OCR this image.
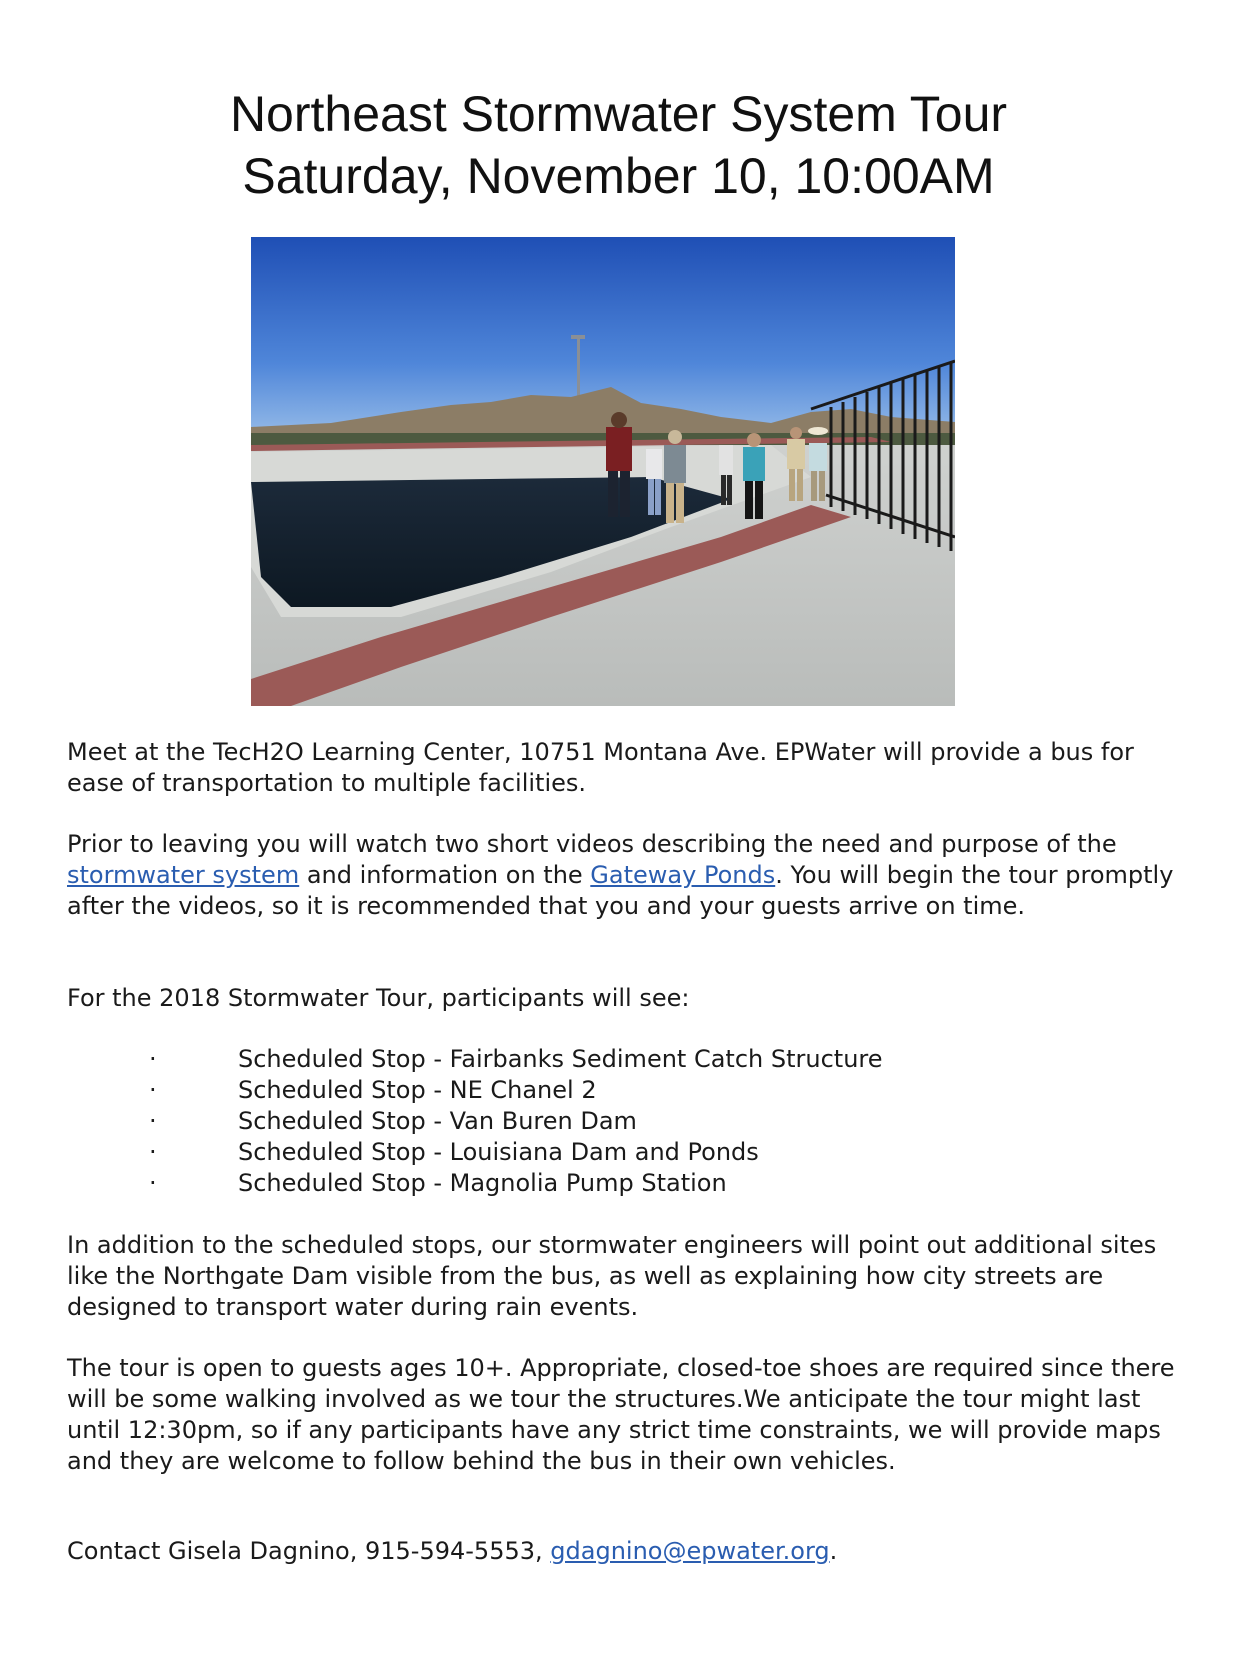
Northeast Stormwater System Tour
Saturday, November 10, 10:00AM

Meet at the TecH2O Learning Center, 10751 Montana Ave. EPWater will provide a bus for ease of transportation to multiple facilities.

Prior to leaving you will watch two short videos describing the need and purpose of the stormwater system and information on the Gateway Ponds. You will begin the tour promptly after the videos, so it is recommended that you and your guests arrive on time.

For the 2018 Stormwater Tour, participants will see:

·	Scheduled Stop - Fairbanks Sediment Catch Structure
·	Scheduled Stop - NE Chanel 2
·	Scheduled Stop - Van Buren Dam
·	Scheduled Stop - Louisiana Dam and Ponds
·	Scheduled Stop - Magnolia Pump Station

In addition to the scheduled stops, our stormwater engineers will point out additional sites like the Northgate Dam visible from the bus, as well as explaining how city streets are designed to transport water during rain events.

The tour is open to guests ages 10+. Appropriate, closed-toe shoes are required since there will be some walking involved as we tour the structures.We anticipate the tour might last until 12:30pm, so if any participants have any strict time constraints, we will provide maps and they are welcome to follow behind the bus in their own vehicles.

Contact Gisela Dagnino, 915-594-5553, gdagnino@epwater.org.
